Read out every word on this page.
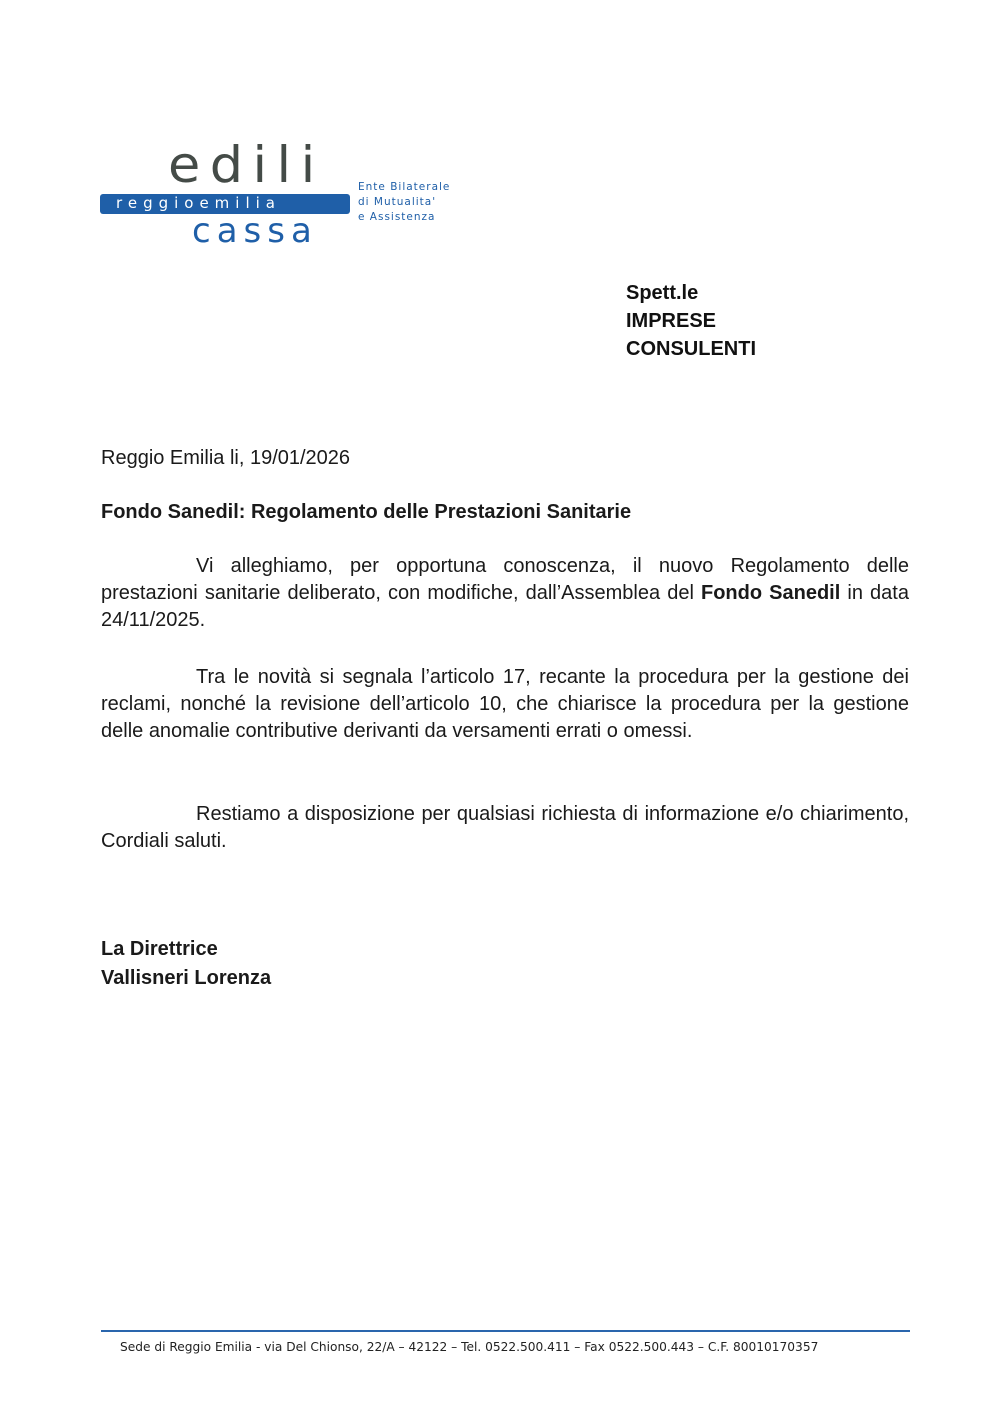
edili
reggioemilia
cassa
Ente Bilaterale
di Mutualita'
e Assistenza
Spett.le
IMPRESE
CONSULENTI
Reggio Emilia li, 19/01/2026
Fondo Sanedil: Regolamento delle Prestazioni Sanitarie

Vi alleghiamo, per opportuna conoscenza, il nuovo Regolamento delle prestazioni sanitarie deliberato, con modifiche, dall’Assemblea del Fondo Sanedil in data 24/11/2025.

Tra le novità si segnala l’articolo 17, recante la procedura per la gestione dei reclami, nonché la revisione dell’articolo 10, che chiarisce la procedura per la gestione delle anomalie contributive derivanti da versamenti errati o omessi.

Restiamo a disposizione per qualsiasi richiesta di informazione e/o chiarimento, Cordiali saluti.

La Direttrice
Vallisneri Lorenza
Sede di Reggio Emilia - via Del Chionso, 22/A – 42122 – Tel. 0522.500.411 – Fax 0522.500.443 – C.F. 80010170357
